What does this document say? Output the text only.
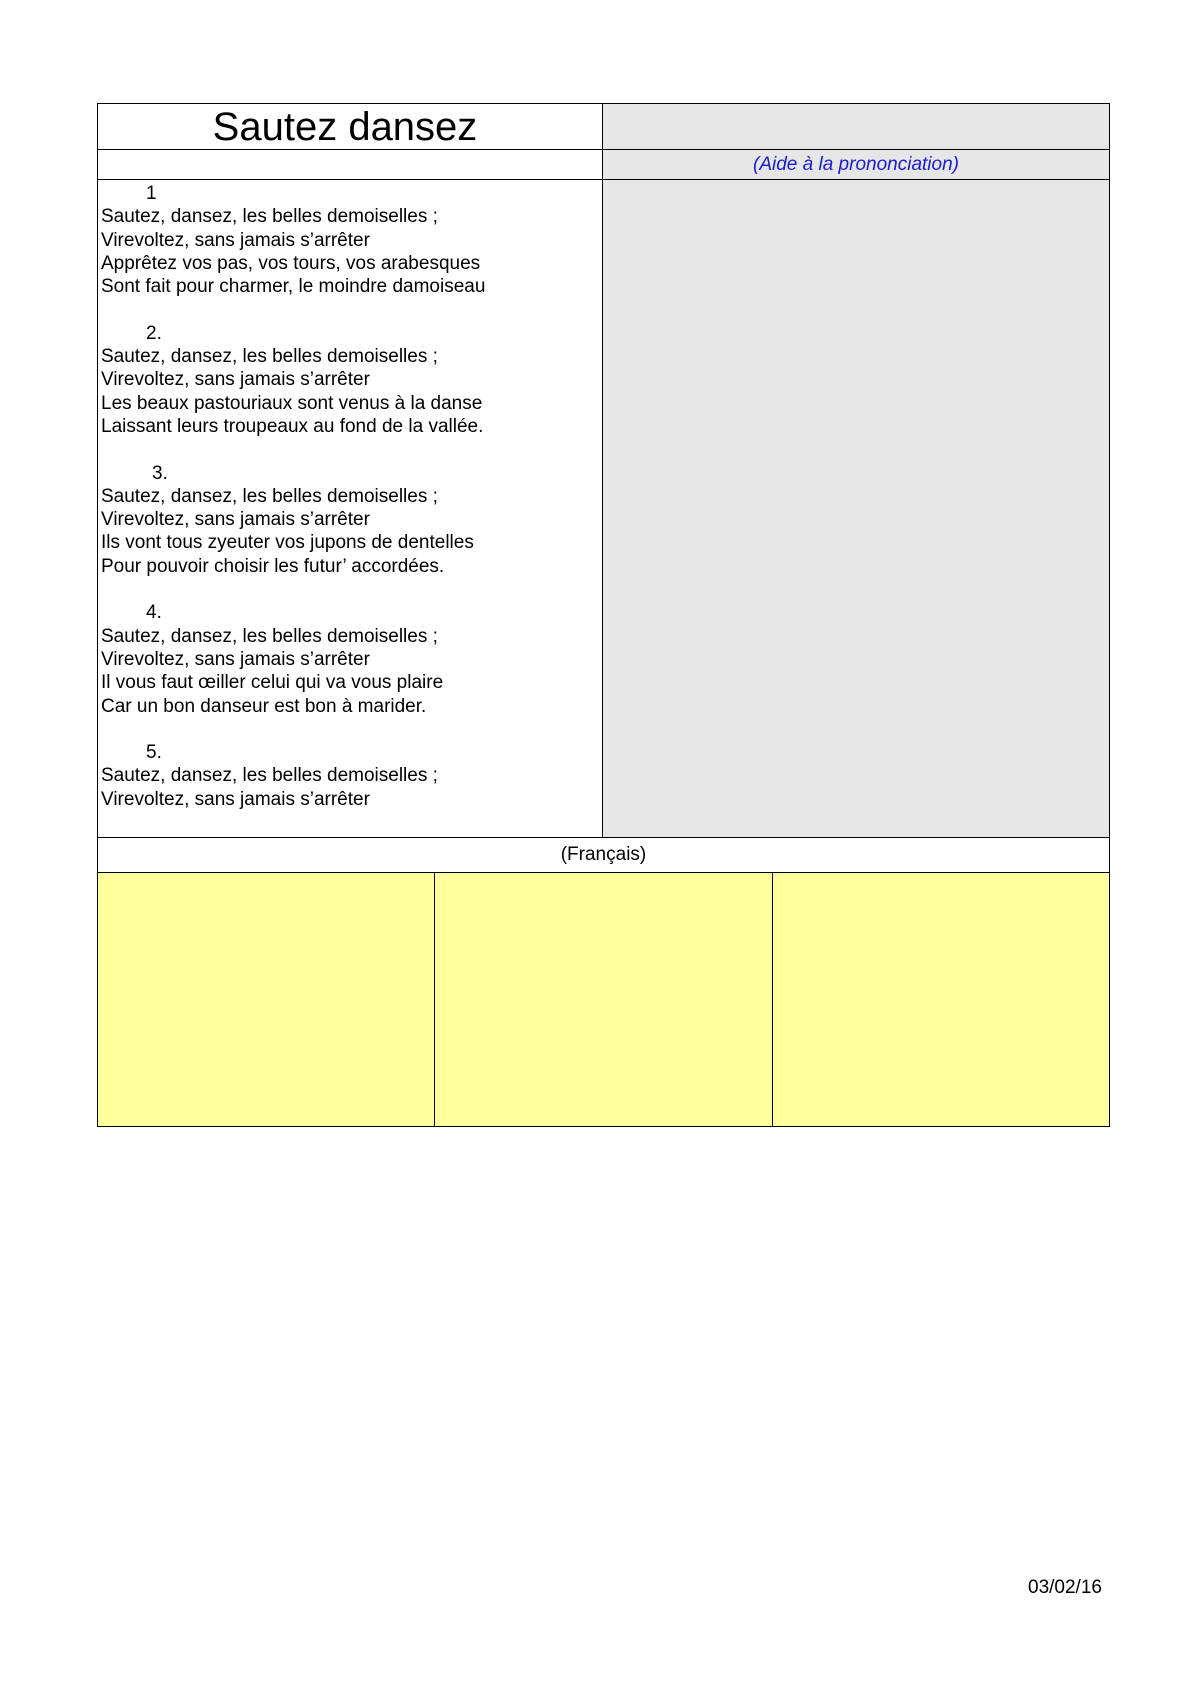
Sautez dansez
(Aide à la prononciation)
1
Sautez, dansez, les belles demoiselles ;
Virevoltez, sans jamais s’arrêter
Apprêtez vos pas, vos tours, vos arabesques
Sont fait pour charmer, le moindre damoiseau
2.
Sautez, dansez, les belles demoiselles ;
Virevoltez, sans jamais s’arrêter
Les beaux pastouriaux sont venus à la danse
Laissant leurs troupeaux au fond de la vallée.
3.
Sautez, dansez, les belles demoiselles ;
Virevoltez, sans jamais s’arrêter
Ils vont tous zyeuter vos jupons de dentelles
Pour pouvoir choisir les futur’ accordées.
4.
Sautez, dansez, les belles demoiselles ;
Virevoltez, sans jamais s’arrêter
Il vous faut œiller celui qui va vous plaire
Car un bon danseur est bon à marider.
5.
Sautez, dansez, les belles demoiselles ;
Virevoltez, sans jamais s’arrêter
(Français)
03/02/16
